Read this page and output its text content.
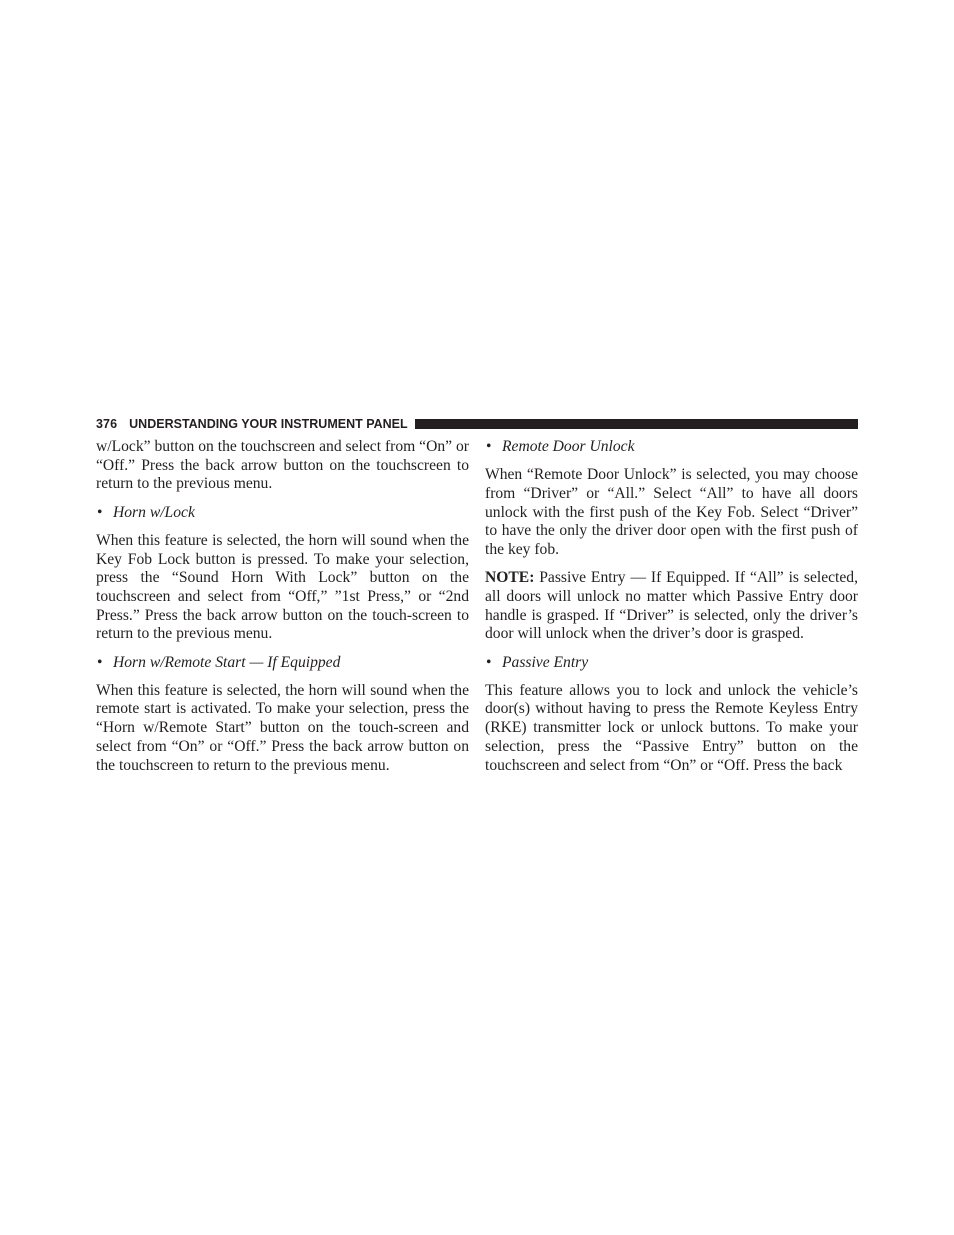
376 UNDERSTANDING YOUR INSTRUMENT PANEL

w/Lock” button on the touchscreen and select from “On” or “Off.” Press the back arrow button on the touchscreen to return to the previous menu.

• Horn w/Lock

When this feature is selected, the horn will sound when the Key Fob Lock button is pressed. To make your selection, press the “Sound Horn With Lock” button on the touchscreen and select from “Off,” ”1st Press,” or “2nd Press.” Press the back arrow button on the touch-screen to return to the previous menu.

• Horn w/Remote Start — If Equipped

When this feature is selected, the horn will sound when the remote start is activated. To make your selection, press the “Horn w/Remote Start” button on the touch-screen and select from “On” or “Off.” Press the back arrow button on the touchscreen to return to the previous menu.

• Remote Door Unlock

When “Remote Door Unlock” is selected, you may choose from “Driver” or “All.” Select “All” to have all doors unlock with the first push of the Key Fob. Select “Driver” to have the only the driver door open with the first push of the key fob.

NOTE: Passive Entry — If Equipped. If “All” is selected, all doors will unlock no matter which Passive Entry door handle is grasped. If “Driver” is selected, only the driver’s door will unlock when the driver’s door is grasped.

• Passive Entry

This feature allows you to lock and unlock the vehicle’s door(s) without having to press the Remote Keyless Entry (RKE) transmitter lock or unlock buttons. To make your selection, press the “Passive Entry” button on the touchscreen and select from “On” or “Off. Press the back
